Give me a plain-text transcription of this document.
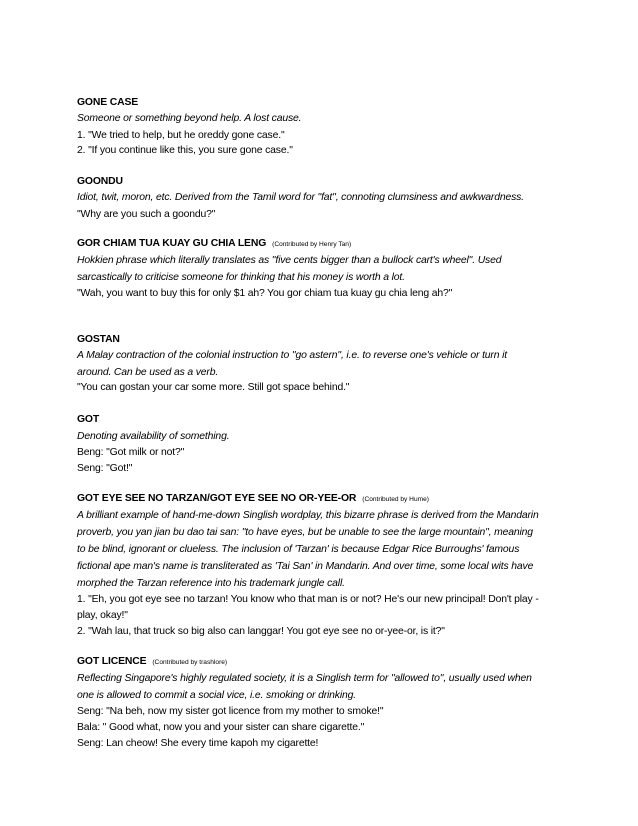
GONE CASE
Someone or something beyond help. A lost cause.
1. "We tried to help, but he oreddy gone case."
2. "If you continue like this, you sure gone case."
GOONDU
Idiot, twit, moron, etc. Derived from the Tamil word for "fat", connoting clumsiness and awkwardness.
"Why are you such a goondu?"
GOR CHIAM TUA KUAY GU CHIA LENG (Contributed by Henry Tan)
Hokkien phrase which literally translates as "five cents bigger than a bullock cart's wheel". Used
sarcastically to criticise someone for thinking that his money is worth a lot.
"Wah, you want to buy this for only $1 ah? You gor chiam tua kuay gu chia leng ah?"
GOSTAN
A Malay contraction of the colonial instruction to "go astern", i.e. to reverse one's vehicle or turn it
around. Can be used as a verb.
"You can gostan your car some more. Still got space behind."
GOT
Denoting availability of something.
Beng: "Got milk or not?"
Seng: "Got!"
GOT EYE SEE NO TARZAN/GOT EYE SEE NO OR-YEE-OR (Contributed by Hume)
A brilliant example of hand-me-down Singlish wordplay, this bizarre phrase is derived from the Mandarin
proverb, you yan jian bu dao tai san: "to have eyes, but be unable to see the large mountain", meaning
to be blind, ignorant or clueless. The inclusion of 'Tarzan' is because Edgar Rice Burroughs' famous
fictional ape man's name is transliterated as 'Tai San' in Mandarin. And over time, some local wits have
morphed the Tarzan reference into his trademark jungle call.
1. "Eh, you got eye see no tarzan! You know who that man is or not? He's our new principal! Don't play -
play, okay!"
2. "Wah lau, that truck so big also can langgar! You got eye see no or-yee-or, is it?"
GOT LICENCE (Contributed by trashlore)
Reflecting Singapore's highly regulated society, it is a Singlish term for "allowed to", usually used when
one is allowed to commit a social vice, i.e. smoking or drinking.
Seng: "Na beh, now my sister got licence from my mother to smoke!"
Bala: " Good what, now you and your sister can share cigarette."
Seng: Lan cheow! She every time kapoh my cigarette!
